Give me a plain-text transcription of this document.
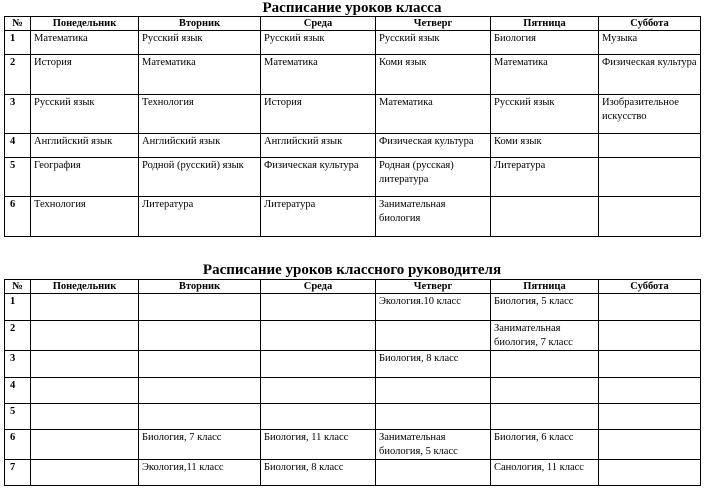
Расписание уроков класса
№	Понедельник	Вторник	Среда	Четверг	Пятница	Суббота
1	Математика	Русский язык	Русский язык	Русский язык	Биология	Музыка
2	История	Математика	Математика	Коми язык	Математика	Физическая культура
3	Русский язык	Технология	История	Математика	Русский язык	Изобразительное искусство
4	Английский язык	Английский язык	Английский язык	Физическая культура	Коми язык	
5	География	Родной (русский) язык	Физическая культура	Родная (русская) литература	Литература	
6	Технология	Литература	Литература	Занимательная биология		
Расписание уроков классного руководителя
№	Понедельник	Вторник	Среда	Четверг	Пятница	Суббота
1				Экология.10 класс	Биология, 5 класс	
2					Занимательная биология, 7 класс	
3				Биология, 8 класс		
4						
5						
6		Биология, 7 класс	Биология, 11 класс	Занимательная биология, 5 класс	Биология, 6 класс	
7		Экология,11 класс	Биология, 8 класс		Санология, 11 класс	
